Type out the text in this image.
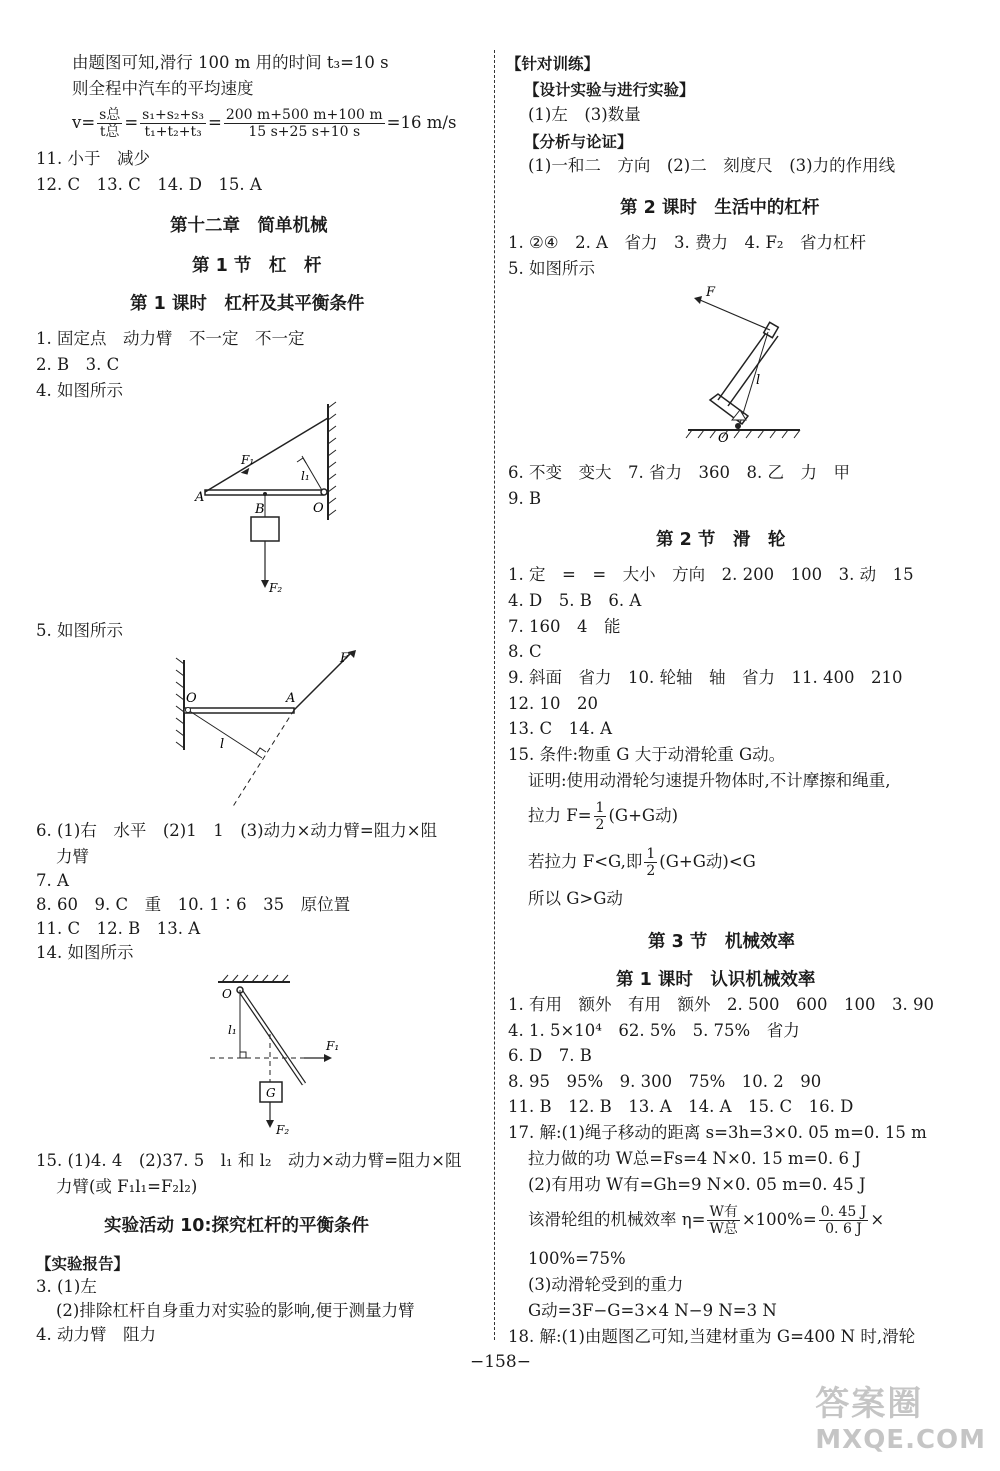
由题图可知,滑行 100 m 用的时间 t₃=10 s
则全程中汽车的平均速度
$v= \frac{\text{s总}}{\text{t总}} = \frac{\text{s₁+s₂+s₃}}{\text{t₁+t₂+t₃}} = \frac{200 m+500 m+100 m}{15 s+25 s+10 s} =16$ m/s
11. 小于　减少
12. C　13. C　14. D　15. A
第十二章　简单机械
第 1 节　杠　杆
第 1 课时　杠杆及其平衡条件
1. 固定点　动力臂　不一定　不一定
2. B　3. C
4. 如图所示
A
B	O
F₁
l₁
F₂
5. 如图所示
O	A
F
l
6. (1)右　水平　(2)1　1　(3)动力×动力臂=阻力×阻
力臂
7. A
8. 60　9. C　重　10. 1∶6　35　原位置
11. C　12. B　13. A
14. 如图所示
O
l₁
F₁
G
F₂
15. (1)4. 4　(2)37. 5　l₁ 和 l₂　动力×动力臂=阻力×阻
力臂(或 F₁l₁=F₂l₂)
实验活动 10:探究杠杆的平衡条件
【实验报告】
3. (1)左
(2)排除杠杆自身重力对实验的影响,便于测量力臂
4. 动力臂　阻力
【针对训练】
【设计实验与进行实验】
(1)左　(3)数量
【分析与论证】
(1)一和二　方向　(2)二　刻度尺　(3)力的作用线
第 2 课时　生活中的杠杆
1. ②④　2. A　省力　3. 费力　4. F₂　省力杠杆
5. 如图所示
F
l
O
6. 不变　变大　7. 省力　360　8. 乙　力　甲
9. B
第 2 节　滑　轮
1. 定　=　=　大小　方向　2. 200　100　3. 动　15
4. D　5. B　6. A
7. 160　4　能
8. C
9. 斜面　省力　10. 轮轴　轴　省力　11. 400　210
12. 10　20
13. C　14. A
15. 条件:物重 G 大于动滑轮重 G动。
证明:使用动滑轮匀速提升物体时,不计摩擦和绳重,
拉力 $F= \frac{1}{2} (G+G$动)
若拉力 F<G,即 $\frac{1}{2} (G+G$动)<G
所以 G>G动
第 3 节　机械效率
第 1 课时　认识机械效率
1. 有用　额外　有用　额外　2. 500　600　100　3. 90
4. 1. 5×10⁴　62. 5%　5. 75%　省力
6. D　7. B
8. 95　95%　9. 300　75%　10. 2　90
11. B　12. B　13. A　14. A　15. C　16. D
17. 解:(1)绳子移动的距离 s=3h=3×0. 05 m=0. 15 m
拉力做的功 W总=Fs=4 N×0. 15 m=0. 6 J
(2)有用功 W有=Gh=9 N×0. 05 m=0. 45 J
该滑轮组的机械效率 $\eta= \frac{\text{W有}}{\text{W总}} \times 100\%= \frac{0. 45 J}{0. 6 J}$ ×
100%=75%
(3)动滑轮受到的重力
G动=3F−G=3×4 N−9 N=3 N
18. 解:(1)由题图乙可知,当建材重为 G=400 N 时,滑轮
−158−
答案圈
MXQE.COM
